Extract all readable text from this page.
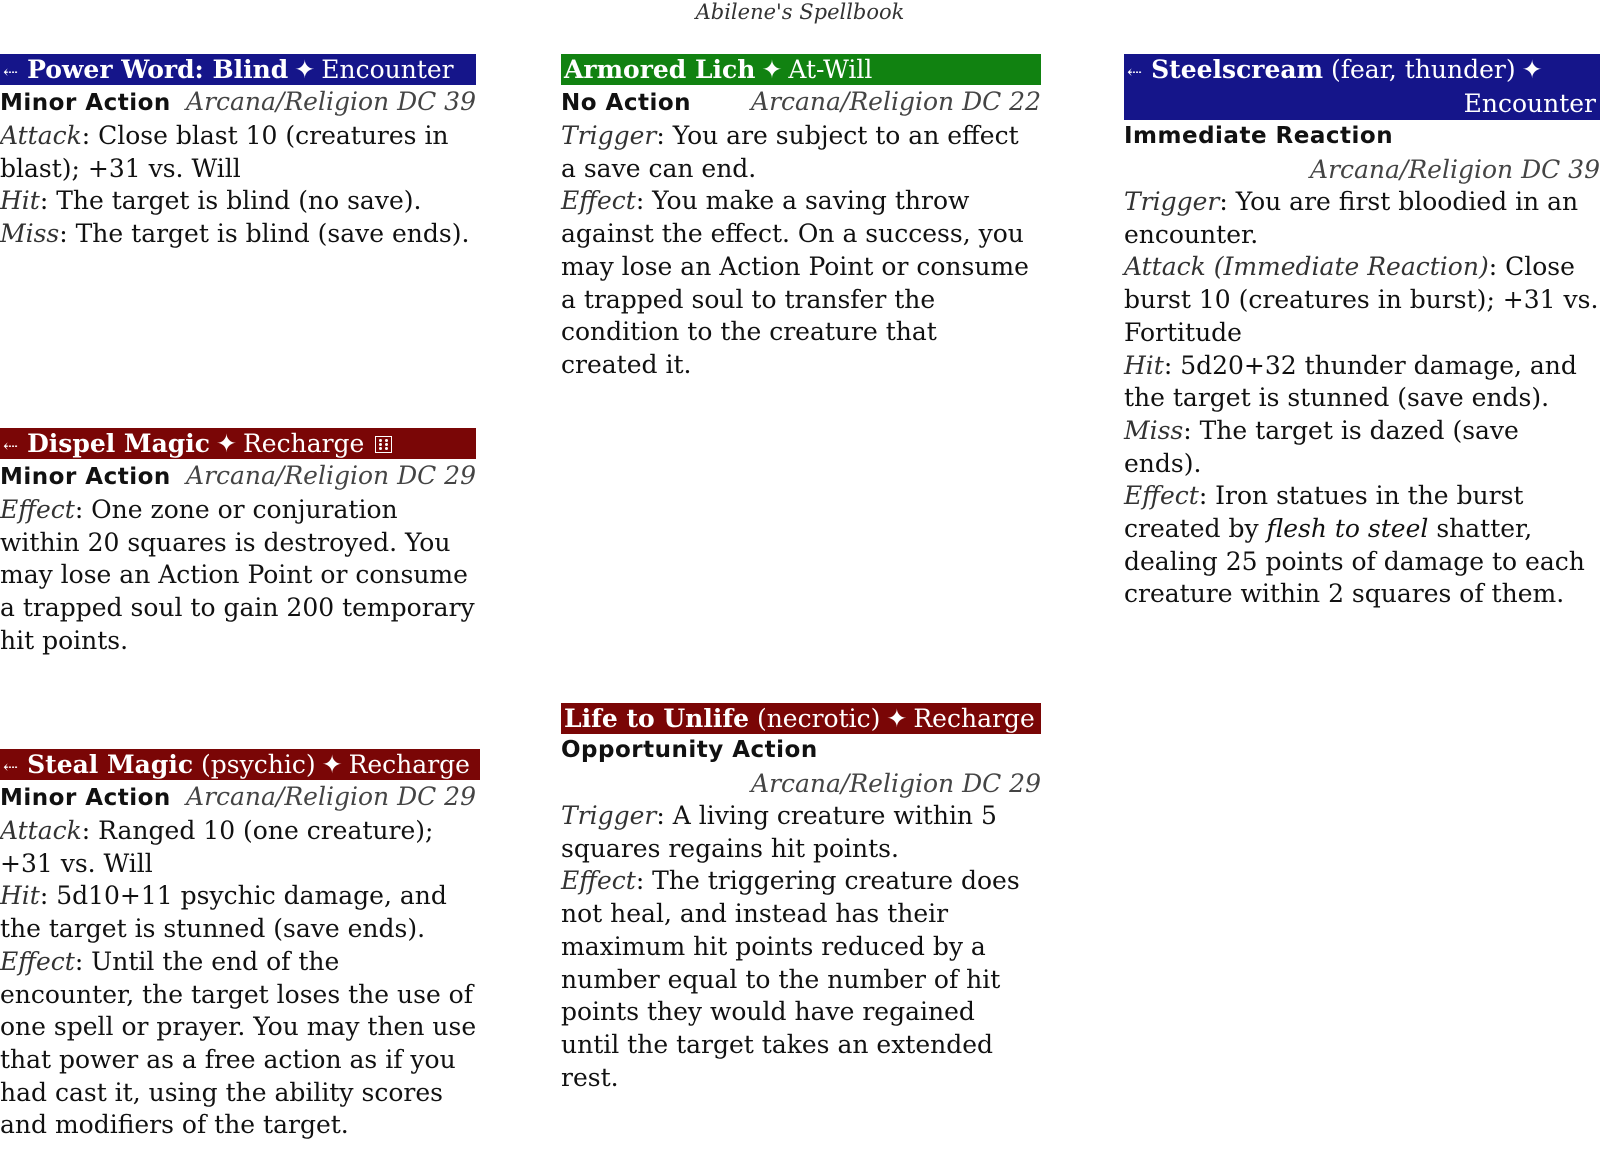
Abilene's Spellbook
⇠ Power Word: Blind ✦ Encounter
Minor Action Arcana/Religion DC 39
Attack: Close blast 10 (creatures in blast); +31 vs. Will
Hit: The target is blind (no save).
Miss: The target is blind (save ends).
⇠ Dispel Magic ✦ Recharge
Minor Action Arcana/Religion DC 29
Effect: One zone or conjuration within 20 squares is destroyed. You may lose an Action Point or consume a trapped soul to gain 200 temporary hit points.
⇠ Steal Magic (psychic) ✦ Recharge
Minor Action Arcana/Religion DC 29
Attack: Ranged 10 (one creature); +31 vs. Will
Hit: 5d10+11 psychic damage, and the target is stunned (save ends).
Effect: Until the end of the encounter, the target loses the use of one spell or prayer. You may then use that power as a free action as if you had cast it, using the ability scores and modifiers of the target.
Armored Lich ✦ At-Will
No Action Arcana/Religion DC 22
Trigger: You are subject to an effect a save can end.
Effect: You make a saving throw against the effect. On a success, you may lose an Action Point or consume a trapped soul to transfer the condition to the creature that created it.
Life to Unlife (necrotic) ✦ Recharge
Opportunity Action
Arcana/Religion DC 29
Trigger: A living creature within 5 squares regains hit points.
Effect: The triggering creature does not heal, and instead has their maximum hit points reduced by a number equal to the number of hit points they would have regained until the target takes an extended rest.
⇠ Steelscream (fear, thunder) ✦
Encounter
Immediate Reaction
Arcana/Religion DC 39
Trigger: You are first bloodied in an encounter.
Attack (Immediate Reaction): Close burst 10 (creatures in burst); +31 vs. Fortitude
Hit: 5d20+32 thunder damage, and the target is stunned (save ends).
Miss: The target is dazed (save ends).
Effect: Iron statues in the burst created by flesh to steel shatter, dealing 25 points of damage to each creature within 2 squares of them.
